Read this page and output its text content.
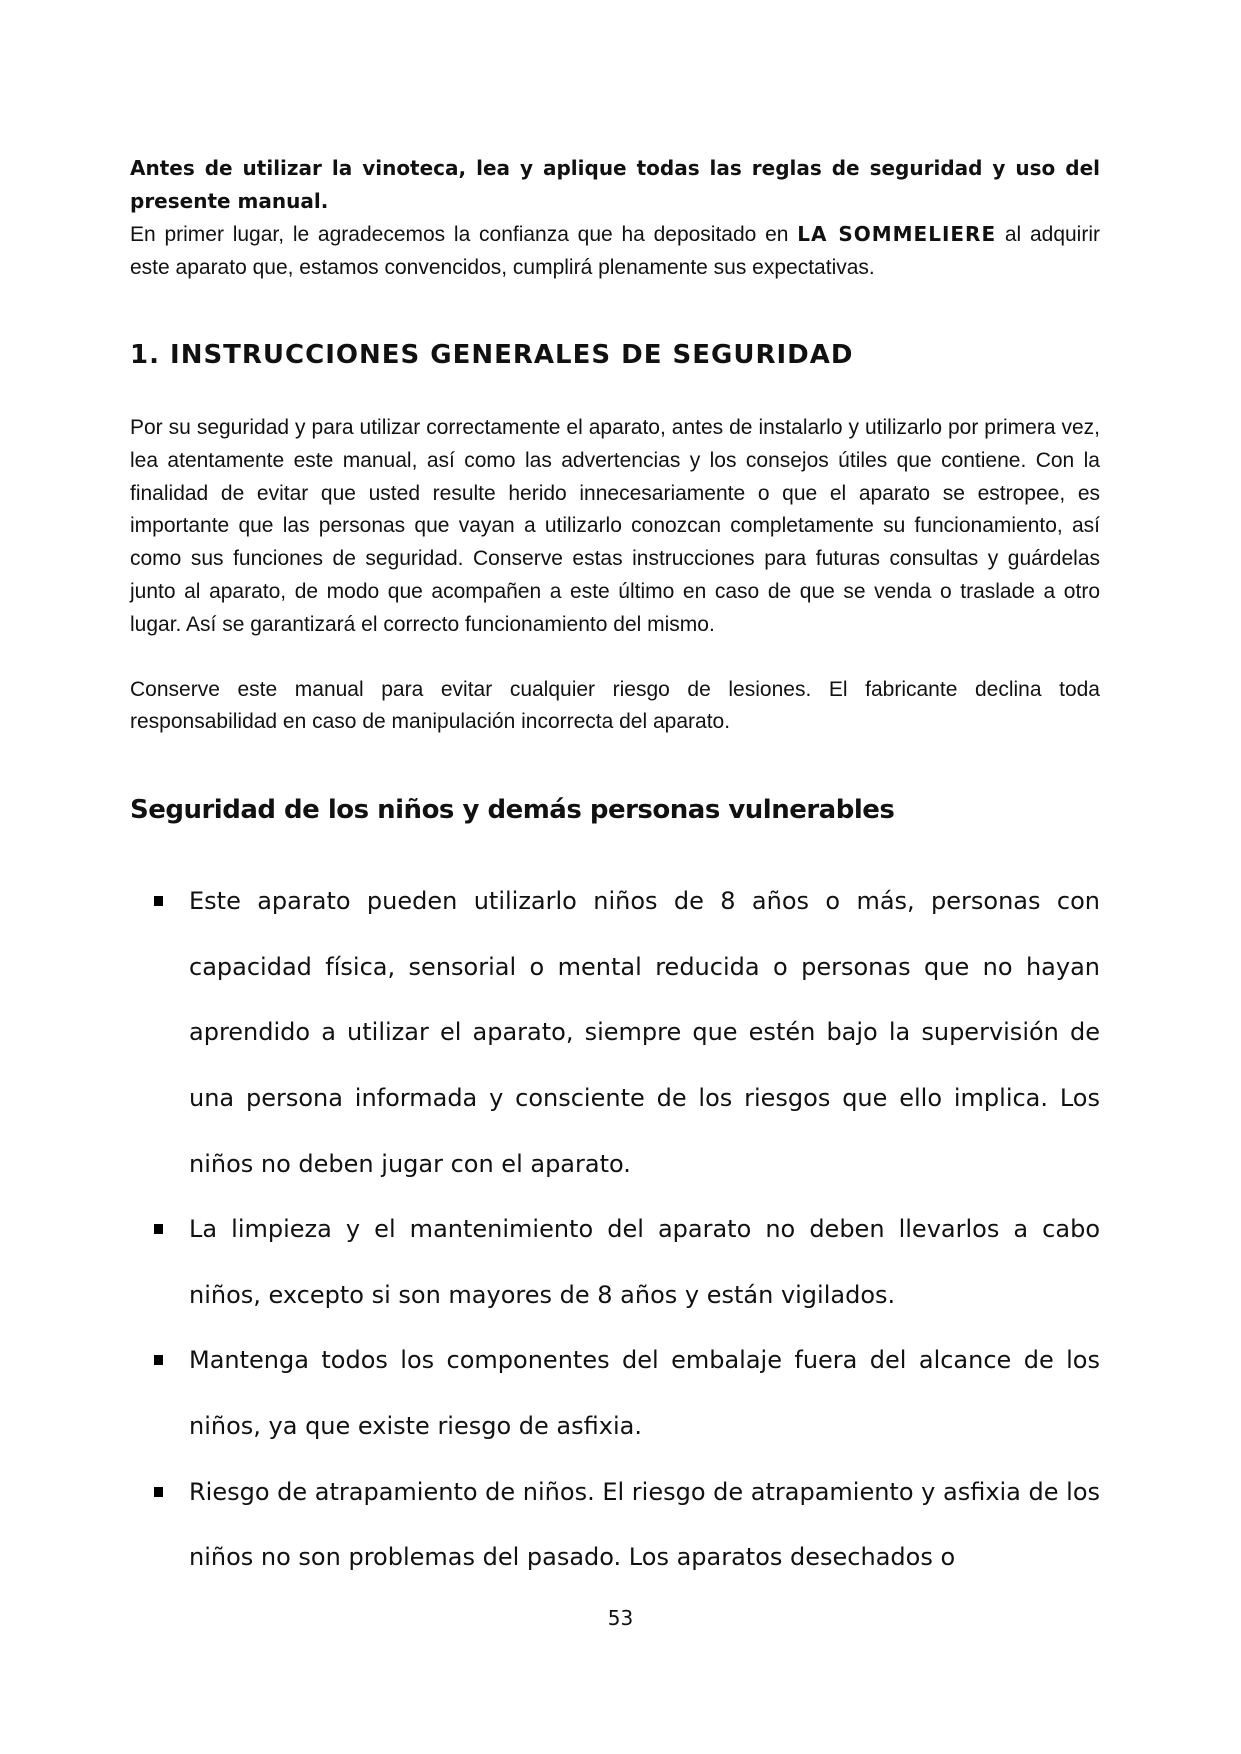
Antes de utilizar la vinoteca, lea y aplique todas las reglas de seguridad y uso del presente manual.

En primer lugar, le agradecemos la confianza que ha depositado en LA SOMMELIERE al adquirir este aparato que, estamos convencidos, cumplirá plenamente sus expectativas.

1. INSTRUCCIONES GENERALES DE SEGURIDAD

Por su seguridad y para utilizar correctamente el aparato, antes de instalarlo y utilizarlo por primera vez, lea atentamente este manual, así como las advertencias y los consejos útiles que contiene. Con la finalidad de evitar que usted resulte herido innecesariamente o que el aparato se estropee, es importante que las personas que vayan a utilizarlo conozcan completamente su funcionamiento, así como sus funciones de seguridad. Conserve estas instrucciones para futuras consultas y guárdelas junto al aparato, de modo que acompañen a este último en caso de que se venda o traslade a otro lugar. Así se garantizará el correcto funcionamiento del mismo.

Conserve este manual para evitar cualquier riesgo de lesiones. El fabricante declina toda responsabilidad en caso de manipulación incorrecta del aparato.

Seguridad de los niños y demás personas vulnerables
Este aparato pueden utilizarlo niños de 8 años o más, personas con capacidad física, sensorial o mental reducida o personas que no hayan aprendido a utilizar el aparato, siempre que estén bajo la supervisión de una persona informada y consciente de los riesgos que ello implica. Los niños no deben jugar con el aparato.
La limpieza y el mantenimiento del aparato no deben llevarlos a cabo niños, excepto si son mayores de 8 años y están vigilados.
Mantenga todos los componentes del embalaje fuera del alcance de los niños, ya que existe riesgo de asfixia.
Riesgo de atrapamiento de niños. El riesgo de atrapamiento y asfixia de los niños no son problemas del pasado. Los aparatos desechados o
53
